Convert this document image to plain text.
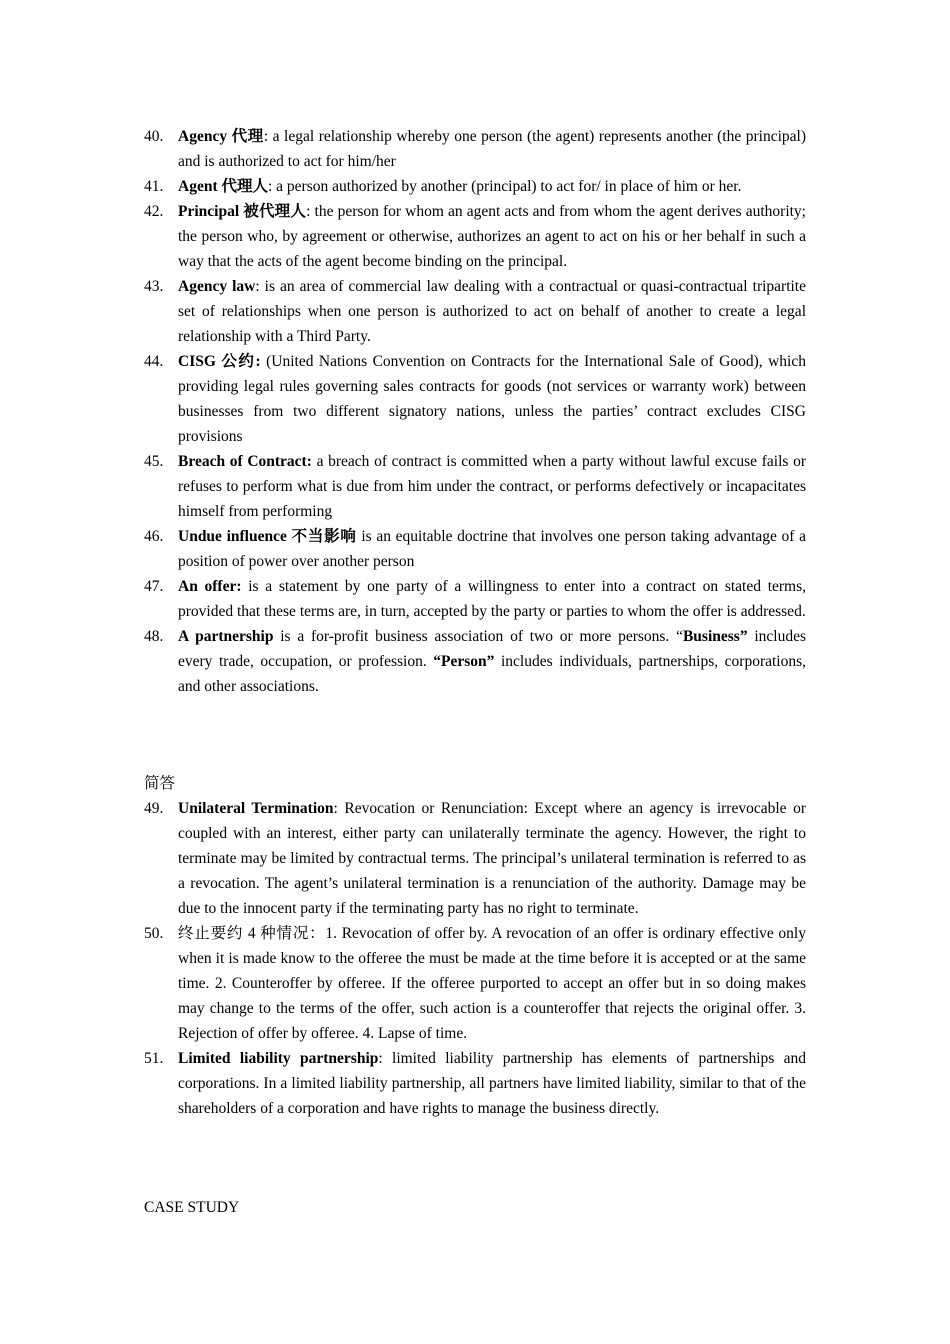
40. Agency 代理: a legal relationship whereby one person (the agent) represents another (the principal) and is authorized to act for him/her
41. Agent 代理人: a person authorized by another (principal) to act for/ in place of him or her.
42. Principal 被代理人: the person for whom an agent acts and from whom the agent derives authority; the person who, by agreement or otherwise, authorizes an agent to act on his or her behalf in such a way that the acts of the agent become binding on the principal.
43. Agency law: is an area of commercial law dealing with a contractual or quasi-contractual tripartite set of relationships when one person is authorized to act on behalf of another to create a legal relationship with a Third Party.
44. CISG 公约: (United Nations Convention on Contracts for the International Sale of Good), which providing legal rules governing sales contracts for goods (not services or warranty work) between businesses from two different signatory nations, unless the parties’ contract excludes CISG provisions
45. Breach of Contract: a breach of contract is committed when a party without lawful excuse fails or refuses to perform what is due from him under the contract, or performs defectively or incapacitates himself from performing
46. Undue influence 不当影响 is an equitable doctrine that involves one person taking advantage of a position of power over another person
47. An offer: is a statement by one party of a willingness to enter into a contract on stated terms, provided that these terms are, in turn, accepted by the party or parties to whom the offer is addressed.
48. A partnership is a for-profit business association of two or more persons. “Business” includes every trade, occupation, or profession. “Person” includes individuals, partnerships, corporations, and other associations.
简答
49. Unilateral Termination: Revocation or Renunciation: Except where an agency is irrevocable or coupled with an interest, either party can unilaterally terminate the agency. However, the right to terminate may be limited by contractual terms. The principal’s unilateral termination is referred to as a revocation. The agent’s unilateral termination is a renunciation of the authority. Damage may be due to the innocent party if the terminating party has no right to terminate.
50. 终止要约 4 种情况：1. Revocation of offer by. A revocation of an offer is ordinary effective only when it is made know to the offeree the must be made at the time before it is accepted or at the same time. 2. Counteroffer by offeree. If the offeree purported to accept an offer but in so doing makes may change to the terms of the offer, such action is a counteroffer that rejects the original offer. 3. Rejection of offer by offeree. 4. Lapse of time.
51. Limited liability partnership: limited liability partnership has elements of partnerships and corporations. In a limited liability partnership, all partners have limited liability, similar to that of the shareholders of a corporation and have rights to manage the business directly.
CASE STUDY
